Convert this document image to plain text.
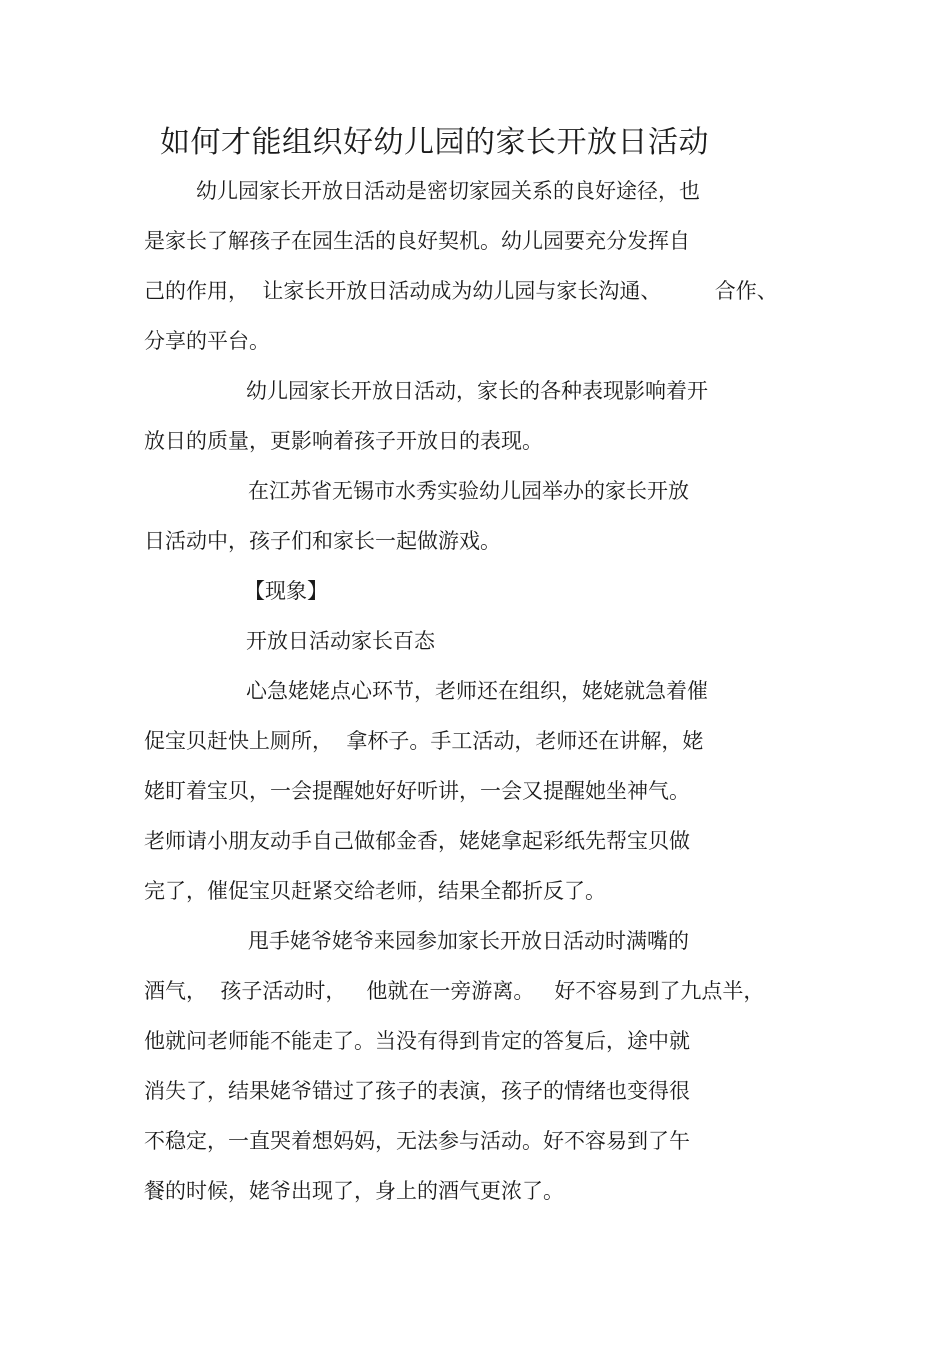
如何才能组织好幼儿园的家长开放日活动
幼儿园家长开放日活动是密切家园关系的良好途径，也
是家长了解孩子在园生活的良好契机。幼儿园要充分发挥自
己的作用，  让家长开放日活动成为幼儿园与家长沟通、        合作、
分享的平台。
幼儿园家长开放日活动，家长的各种表现影响着开
放日的质量，更影响着孩子开放日的表现。
在江苏省无锡市水秀实验幼儿园举办的家长开放
日活动中，孩子们和家长一起做游戏。
【现象】
开放日活动家长百态
心急姥姥点心环节，老师还在组织，姥姥就急着催
促宝贝赶快上厕所，  拿杯子。手工活动，老师还在讲解，姥
姥盯着宝贝，一会提醒她好好听讲，一会又提醒她坐神气。
老师请小朋友动手自己做郁金香，姥姥拿起彩纸先帮宝贝做
完了，催促宝贝赶紧交给老师，结果全都折反了。
甩手姥爷姥爷来园参加家长开放日活动时满嘴的
酒气，  孩子活动时，   他就在一旁游离。   好不容易到了九点半，
他就问老师能不能走了。当没有得到肯定的答复后，途中就
消失了，结果姥爷错过了孩子的表演，孩子的情绪也变得很
不稳定，一直哭着想妈妈，无法参与活动。好不容易到了午
餐的时候，姥爷出现了，身上的酒气更浓了。
